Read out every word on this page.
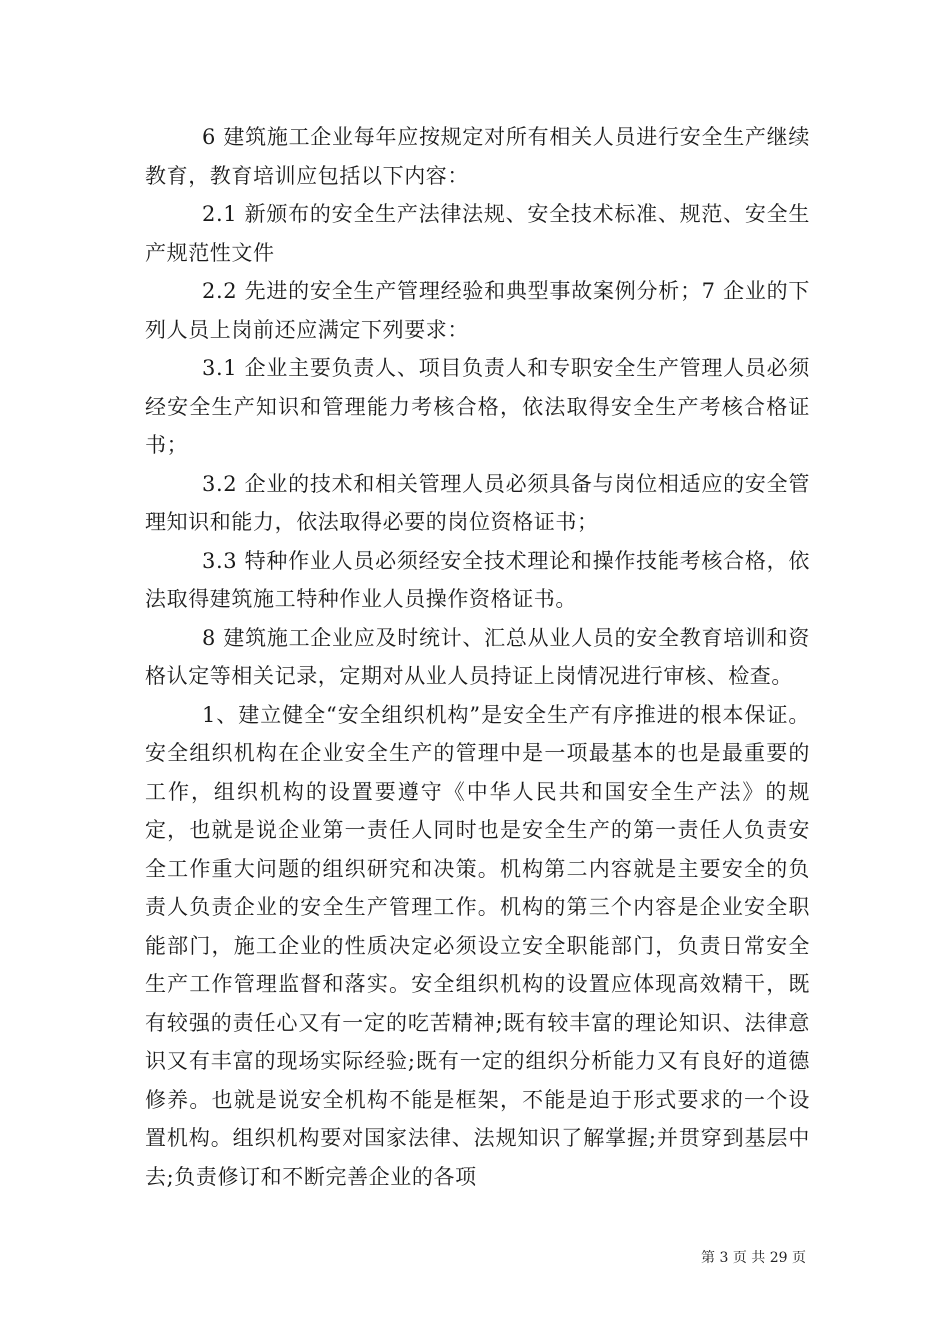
6 建筑施工企业每年应按规定对所有相关人员进行安全生产继续教育，教育培训应包括以下内容：

2.1 新颁布的安全生产法律法规、安全技术标准、规范、安全生产规范性文件

2.2 先进的安全生产管理经验和典型事故案例分析；7 企业的下列人员上岗前还应满定下列要求：

3.1 企业主要负责人、项目负责人和专职安全生产管理人员必须经安全生产知识和管理能力考核合格，依法取得安全生产考核合格证书；

3.2 企业的技术和相关管理人员必须具备与岗位相适应的安全管理知识和能力，依法取得必要的岗位资格证书；

3.3 特种作业人员必须经安全技术理论和操作技能考核合格，依法取得建筑施工特种作业人员操作资格证书。

8 建筑施工企业应及时统计、汇总从业人员的安全教育培训和资格认定等相关记录，定期对从业人员持证上岗情况进行审核、检查。

1、建立健全“安全组织机构”是安全生产有序推进的根本保证。安全组织机构在企业安全生产的管理中是一项最基本的也是最重要的工作，组织机构的设置要遵守《中华人民共和国安全生产法》的规定，也就是说企业第一责任人同时也是安全生产的第一责任人负责安全工作重大问题的组织研究和决策。机构第二内容就是主要安全的负责人负责企业的安全生产管理工作。机构的第三个内容是企业安全职能部门，施工企业的性质决定必须设立安全职能部门，负责日常安全生产工作管理监督和落实。安全组织机构的设置应体现高效精干，既有较强的责任心又有一定的吃苦精神;既有较丰富的理论知识、法律意识又有丰富的现场实际经验;既有一定的组织分析能力又有良好的道德修养。也就是说安全机构不能是框架，不能是迫于形式要求的一个设置机构。组织机构要对国家法律、法规知识了解掌握;并贯穿到基层中去;负责修订和不断完善企业的各项

第 3 页 共 29 页
